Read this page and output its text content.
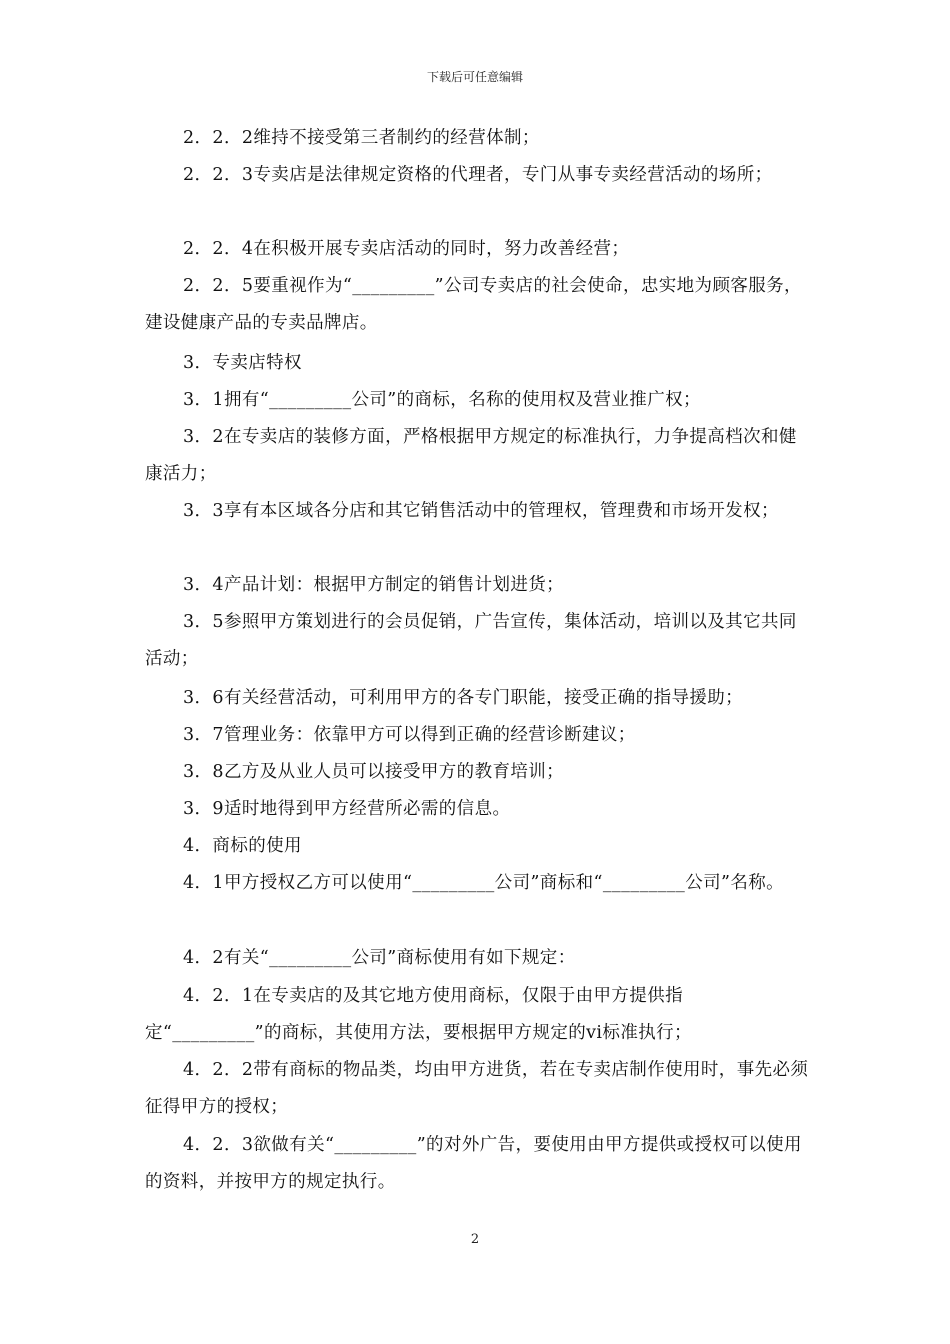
下载后可任意编辑
2．2．2维持不接受第三者制约的经营体制；
2．2．3专卖店是法律规定资格的代理者，专门从事专卖经营活动的场所；
2．2．4在积极开展专卖店活动的同时，努力改善经营；
2．2．5要重视作为“_________”公司专卖店的社会使命，忠实地为顾客服务，建设健康产品的专卖品牌店。
3．专卖店特权
3．1拥有“_________公司”的商标，名称的使用权及营业推广权；
3．2在专卖店的装修方面，严格根据甲方规定的标准执行，力争提高档次和健康活力；
3．3享有本区域各分店和其它销售活动中的管理权，管理费和市场开发权；
3．4产品计划：根据甲方制定的销售计划进货；
3．5参照甲方策划进行的会员促销，广告宣传，集体活动，培训以及其它共同活动；
3．6有关经营活动，可利用甲方的各专门职能，接受正确的指导援助；
3．7管理业务：依靠甲方可以得到正确的经营诊断建议；
3．8乙方及从业人员可以接受甲方的教育培训；
3．9适时地得到甲方经营所必需的信息。
4．商标的使用
4．1甲方授权乙方可以使用“_________公司”商标和“_________公司”名称。
4．2有关“_________公司”商标使用有如下规定：
4．2．1在专卖店的及其它地方使用商标，仅限于由甲方提供指定“_________”的商标，其使用方法，要根据甲方规定的vi标准执行；
4．2．2带有商标的物品类，均由甲方进货，若在专卖店制作使用时，事先必须征得甲方的授权；
4．2．3欲做有关“_________”的对外广告，要使用由甲方提供或授权可以使用的资料，并按甲方的规定执行。
2
